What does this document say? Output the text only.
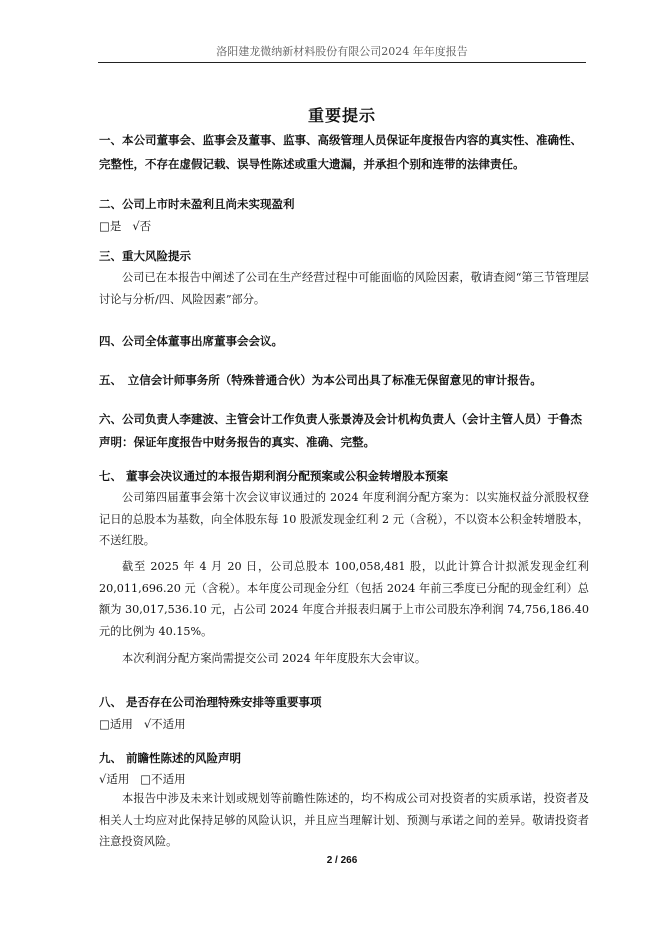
洛阳建龙微纳新材料股份有限公司2024 年年度报告
重要提示
一、本公司董事会、监事会及董事、监事、高级管理人员保证年度报告内容的真实性、准确性、完整性，不存在虚假记载、误导性陈述或重大遗漏，并承担个别和连带的法律责任。
二、公司上市时未盈利且尚未实现盈利
□是 √否
三、重大风险提示
公司已在本报告中阐述了公司在生产经营过程中可能面临的风险因素，敬请查阅“第三节管理层讨论与分析/四、风险因素”部分。
四、公司全体董事出席董事会会议。
五、　立信会计师事务所（特殊普通合伙）为本公司出具了标准无保留意见的审计报告。
六、公司负责人李建波、主管会计工作负责人张景涛及会计机构负责人（会计主管人员）于鲁杰声明：保证年度报告中财务报告的真实、准确、完整。
七、 董事会决议通过的本报告期利润分配预案或公积金转增股本预案
公司第四届董事会第十次会议审议通过的 2024 年度利润分配方案为：以实施权益分派股权登记日的总股本为基数，向全体股东每 10 股派发现金红利 2 元（含税），不以资本公积金转增股本，不送红股。
截至 2025 年 4 月 20 日，公司总股本 100,058,481 股，以此计算合计拟派发现金红利 20,011,696.20 元（含税）。本年度公司现金分红（包括 2024 年前三季度已分配的现金红利）总额为 30,017,536.10 元，占公司 2024 年度合并报表归属于上市公司股东净利润 74,756,186.40 元的比例为 40.15%。
本次利润分配方案尚需提交公司 2024 年年度股东大会审议。
八、 是否存在公司治理特殊安排等重要事项
□适用 √不适用
九、 前瞻性陈述的风险声明
√适用 □不适用
本报告中涉及未来计划或规划等前瞻性陈述的，均不构成公司对投资者的实质承诺，投资者及相关人士均应对此保持足够的风险认识，并且应当理解计划、预测与承诺之间的差异。敬请投资者注意投资风险。
2 / 266
